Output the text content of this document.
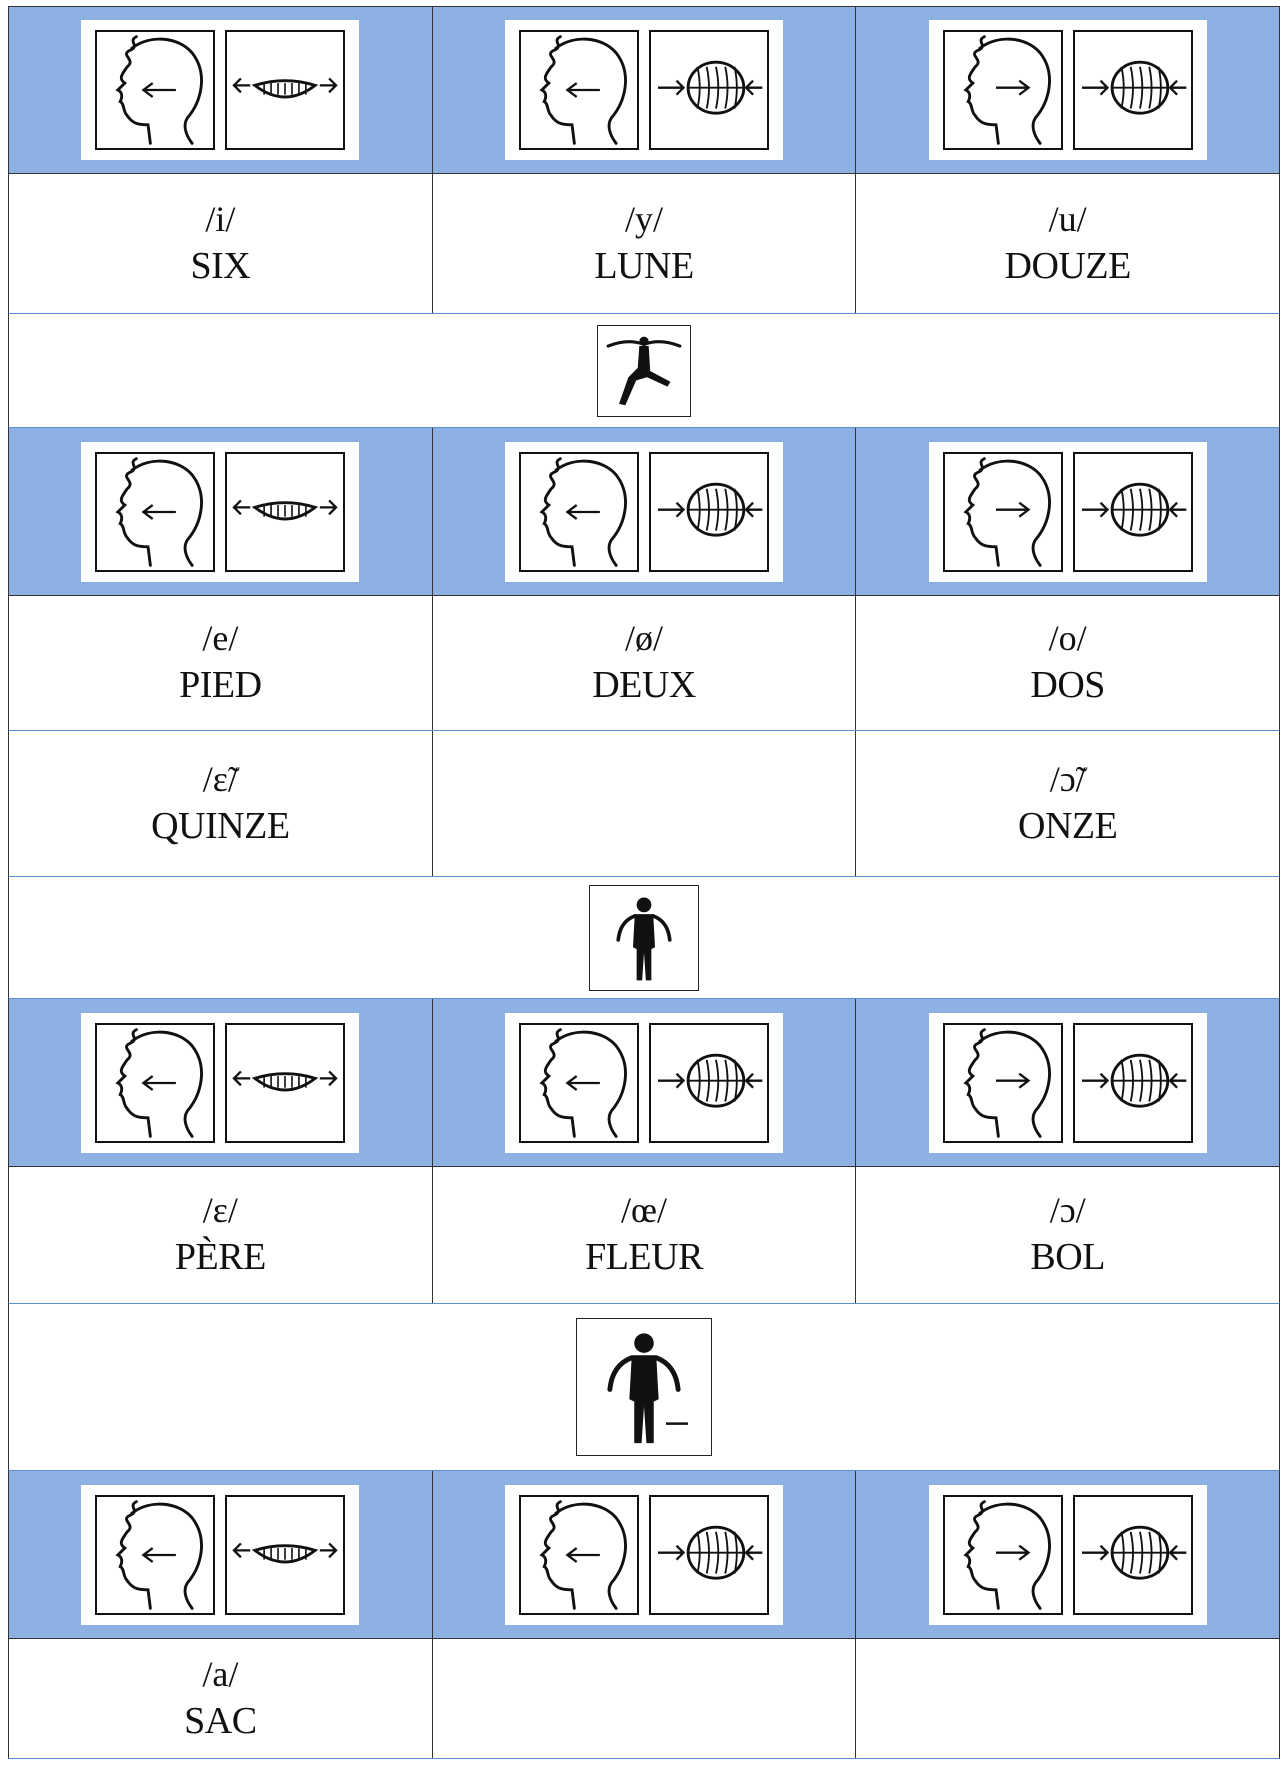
/i/
SIX
/y/
LUNE
/u/
DOUZE
/e/
PIED
/ø/
DEUX
/o/
DOS
/ɛ̃/
QUINZE
/ɔ̃/
ONZE
/ɛ/
PÈRE
/œ/
FLEUR
/ɔ/
BOL
/a/
SAC
